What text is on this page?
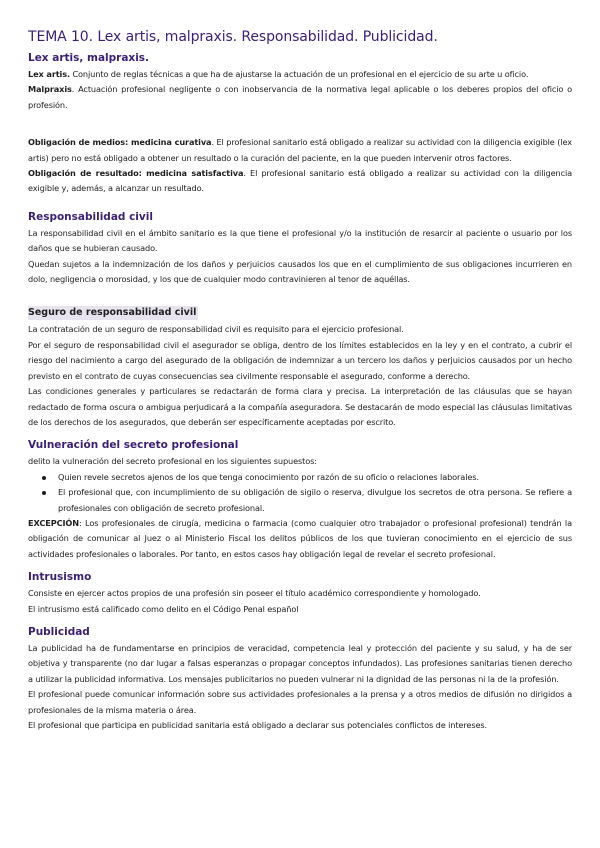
TEMA 10. Lex artis, malpraxis. Responsabilidad. Publicidad.
Lex artis, malpraxis.

Lex artis. Conjunto de reglas técnicas a que ha de ajustarse la actuación de un profesional en el ejercicio de su arte u oficio.

Malpraxis. Actuación profesional negligente o con inobservancia de la normativa legal aplicable o los deberes propios del oficio o profesión.

Obligación de medios: medicina curativa. El profesional sanitario está obligado a realizar su actividad con la diligencia exigible (lex artis) pero no está obligado a obtener un resultado o la curación del paciente, en la que pueden intervenir otros factores.

Obligación de resultado: medicina satisfactiva. El profesional sanitario está obligado a realizar su actividad con la diligencia exigible y, además, a alcanzar un resultado.

Responsabilidad civil

La responsabilidad civil en el ámbito sanitario es la que tiene el profesional y/o la institución de resarcir al paciente o usuario por los daños que se hubieran causado.

Quedan sujetos a la indemnización de los daños y perjuicios causados los que en el cumplimiento de sus obligaciones incurrieren en dolo, negligencia o morosidad, y los que de cualquier modo contravinieren al tenor de aquéllas.

Seguro de responsabilidad civil

La contratación de un seguro de responsabilidad civil es requisito para el ejercicio profesional.

Por el seguro de responsabilidad civil el asegurador se obliga, dentro de los límites establecidos en la ley y en el contrato, a cubrir el riesgo del nacimiento a cargo del asegurado de la obligación de indemnizar a un tercero los daños y perjuicios causados por un hecho previsto en el contrato de cuyas consecuencias sea civilmente responsable el asegurado, conforme a derecho.

Las condiciones generales y particulares se redactarán de forma clara y precisa. La interpretación de las cláusulas que se hayan redactado de forma oscura o ambigua perjudicará a la compañía aseguradora. Se destacarán de modo especial las cláusulas limitativas de los derechos de los asegurados, que deberán ser específicamente aceptadas por escrito.

Vulneración del secreto profesional

delito la vulneración del secreto profesional en los siguientes supuestos:

Quien revele secretos ajenos de los que tenga conocimiento por razón de su oficio o relaciones laborales.
El profesional que, con incumplimiento de su obligación de sigilo o reserva, divulgue los secretos de otra persona. Se refiere a profesionales con obligación de secreto profesional.

EXCEPCIÓN: Los profesionales de cirugía, medicina o farmacia (como cualquier otro trabajador o profesional profesional) tendrán la obligación de comunicar al Juez o al Ministerio Fiscal los delitos públicos de los que tuvieran conocimiento en el ejercicio de sus actividades profesionales o laborales. Por tanto, en estos casos hay obligación legal de revelar el secreto profesional.

Intrusismo

Consiste en ejercer actos propios de una profesión sin poseer el título académico correspondiente y homologado.

El intrusismo está calificado como delito en el Código Penal español

Publicidad

La publicidad ha de fundamentarse en principios de veracidad, competencia leal y protección del paciente y su salud, y ha de ser objetiva y transparente (no dar lugar a falsas esperanzas o propagar conceptos infundados). Las profesiones sanitarias tienen derecho a utilizar la publicidad informativa. Los mensajes publicitarios no pueden vulnerar ni la dignidad de las personas ni la de la profesión.

El profesional puede comunicar información sobre sus actividades profesionales a la prensa y a otros medios de difusión no dirigidos a profesionales de la misma materia o área.

El profesional que participa en publicidad sanitaria está obligado a declarar sus potenciales conflictos de intereses.
